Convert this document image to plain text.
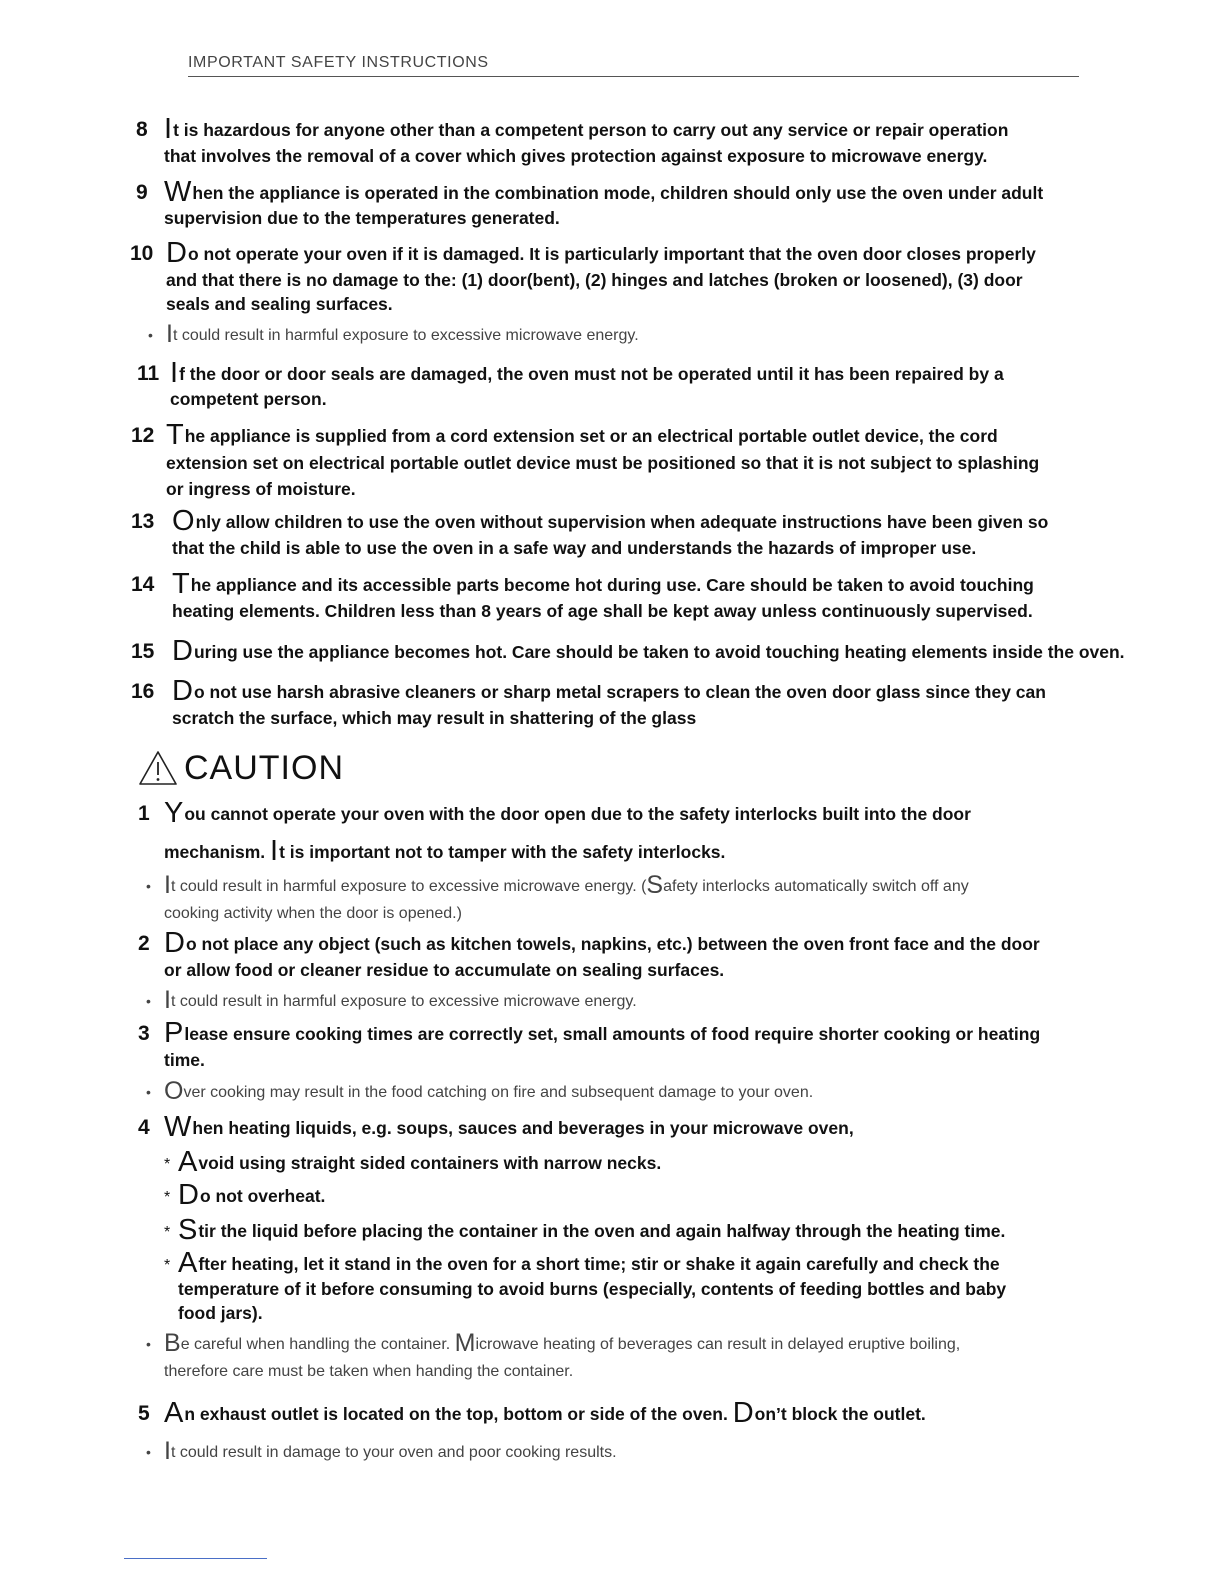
IMPORTANT SAFETY INSTRUCTIONS
8 It is hazardous for anyone other than a competent person to carry out any service or repair operation
that involves the removal of a cover which gives protection against exposure to microwave energy.
9 When the appliance is operated in the combination mode, children should only use the oven under adult
supervision due to the temperatures generated.
10 Do not operate your oven if it is damaged. It is particularly important that the oven door closes properly
and that there is no damage to the: (1) door(bent), (2) hinges and latches (broken or loosened), (3) door
seals and sealing surfaces.
• It could result in harmful exposure to excessive microwave energy.
11 If the door or door seals are damaged, the oven must not be operated until it has been repaired by a
competent person.
12 The appliance is supplied from a cord extension set or an electrical portable outlet device, the cord
extension set on electrical portable outlet device must be positioned so that it is not subject to splashing
or ingress of moisture.
13 Only allow children to use the oven without supervision when adequate instructions have been given so
that the child is able to use the oven in a safe way and understands the hazards of improper use.
14 The appliance and its accessible parts become hot during use. Care should be taken to avoid touching
heating elements. Children less than 8 years of age shall be kept away unless continuously supervised.
15 During use the appliance becomes hot. Care should be taken to avoid touching heating elements inside the oven.
16 Do not use harsh abrasive cleaners or sharp metal scrapers to clean the oven door glass since they can
scratch the surface, which may result in shattering of the glass
CAUTION
1 You cannot operate your oven with the door open due to the safety interlocks built into the door
mechanism. It is important not to tamper with the safety interlocks.
• It could result in harmful exposure to excessive microwave energy. (Safety interlocks automatically switch off any
cooking activity when the door is opened.)
2 Do not place any object (such as kitchen towels, napkins, etc.) between the oven front face and the door
or allow food or cleaner residue to accumulate on sealing surfaces.
• It could result in harmful exposure to excessive microwave energy.
3 Please ensure cooking times are correctly set, small amounts of food require shorter cooking or heating
time.
• Over cooking may result in the food catching on fire and subsequent damage to your oven.
4 When heating liquids, e.g. soups, sauces and beverages in your microwave oven,
* Avoid using straight sided containers with narrow necks.
* Do not overheat.
* Stir the liquid before placing the container in the oven and again halfway through the heating time.
* After heating, let it stand in the oven for a short time; stir or shake it again carefully and check the
temperature of it before consuming to avoid burns (especially, contents of feeding bottles and baby
food jars).
• Be careful when handling the container. Microwave heating of beverages can result in delayed eruptive boiling,
therefore care must be taken when handing the container.
5 An exhaust outlet is located on the top, bottom or side of the oven. Don’t block the outlet.
• It could result in damage to your oven and poor cooking results.
